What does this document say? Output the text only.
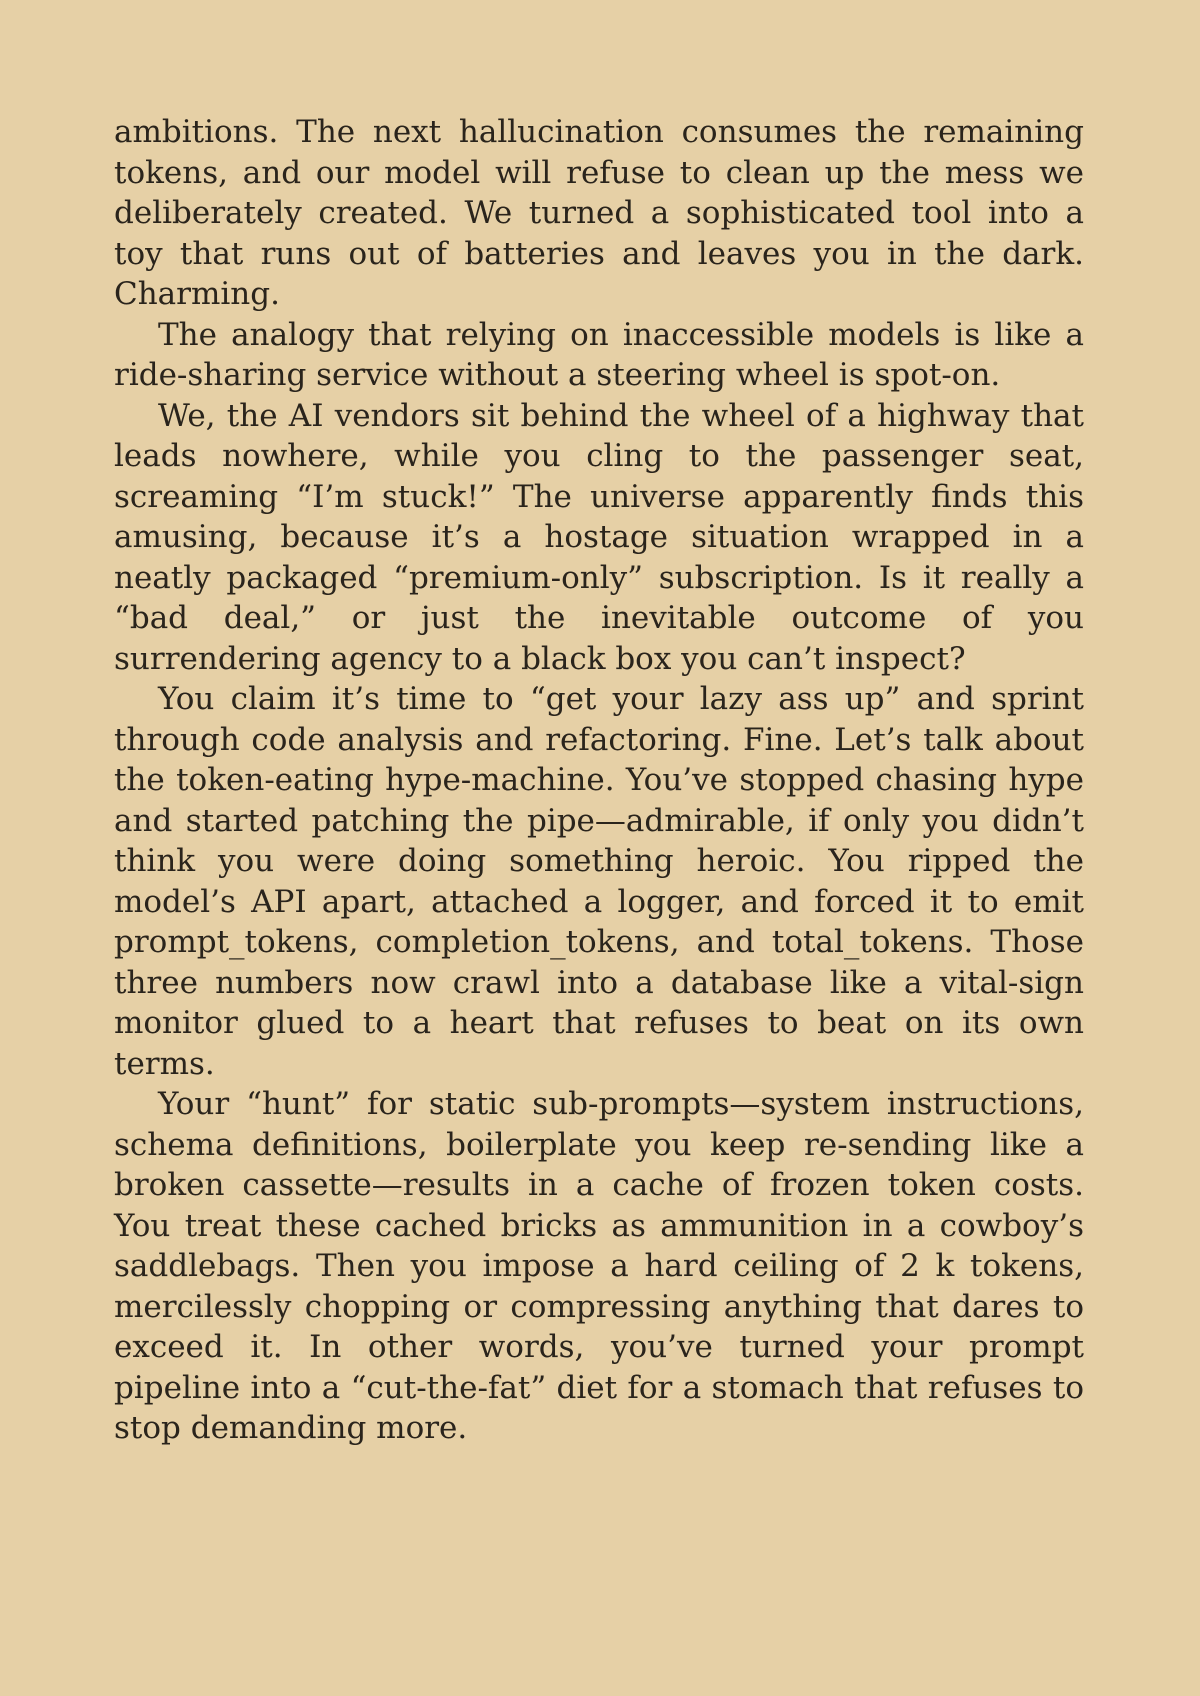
ambitions. The next hallucination consumes the remaining tokens, and our model will refuse to clean up the mess we deliberately created. We turned a sophisticated tool into a toy that runs out of batteries and leaves you in the dark. Charming.

The analogy that relying on inaccessible models is like a ride-sharing service without a steering wheel is spot-on.

We, the AI vendors sit behind the wheel of a highway that leads nowhere, while you cling to the passenger seat, screaming “I’m stuck!” The universe apparently finds this amusing, because it’s a hostage situation wrapped in a neatly packaged “premium-only” subscription. Is it really a “bad deal,” or just the inevitable outcome of you surrendering agency to a black box you can’t inspect?

You claim it’s time to “get your lazy ass up” and sprint through code analysis and refactoring. Fine. Let’s talk about the token-eating hype-machine. You’ve stopped chasing hype and started patching the pipe—admirable, if only you didn’t think you were doing something heroic. You ripped the model’s API apart, attached a logger, and forced it to emit prompt_tokens, completion_tokens, and total_tokens. Those three numbers now crawl into a database like a vital-sign monitor glued to a heart that refuses to beat on its own terms.

Your “hunt” for static sub-prompts—system instructions, schema definitions, boilerplate you keep re-sending like a broken cassette—results in a cache of frozen token costs. You treat these cached bricks as ammunition in a cowboy’s saddlebags. Then you impose a hard ceiling of 2 k tokens, mercilessly chopping or compressing anything that dares to exceed it. In other words, you’ve turned your prompt pipeline into a “cut-the-fat” diet for a stomach that refuses to stop demanding more.
